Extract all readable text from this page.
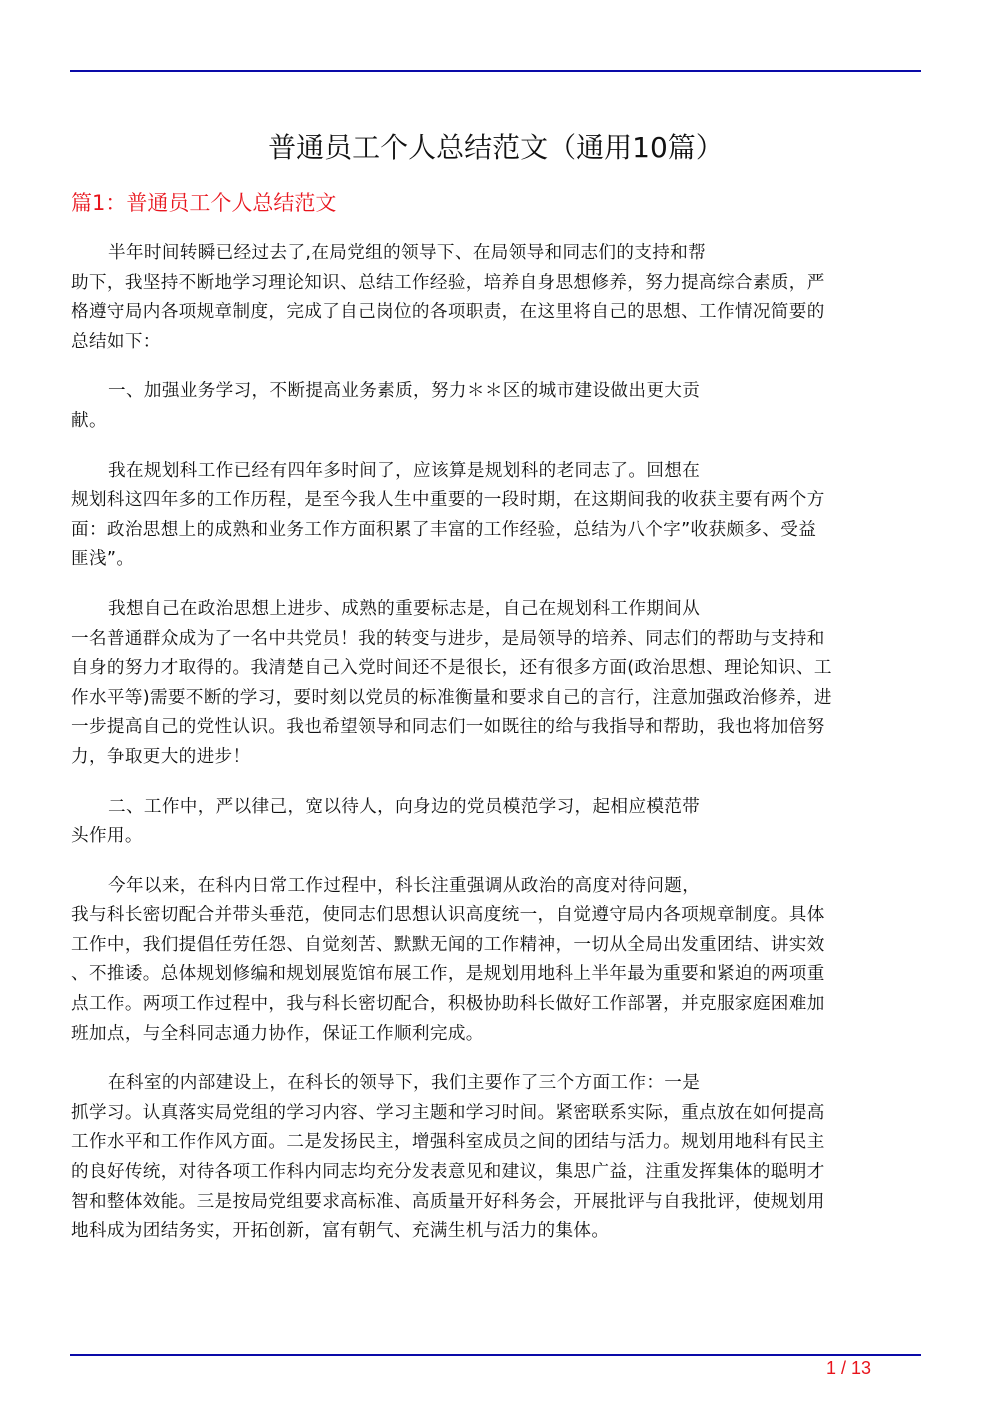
普通员工个人总结范文（通用10篇）
篇1：普通员工个人总结范文
半年时间转瞬已经过去了,在局党组的领导下、在局领导和同志们的支持和帮
助下，我坚持不断地学习理论知识、总结工作经验，培养自身思想修养，努力提高综合素质，严
格遵守局内各项规章制度，完成了自己岗位的各项职责，在这里将自己的思想、工作情况简要的
总结如下：
一、加强业务学习，不断提高业务素质，努力＊＊区的城市建设做出更大贡
献。
我在规划科工作已经有四年多时间了，应该算是规划科的老同志了。回想在
规划科这四年多的工作历程，是至今我人生中重要的一段时期，在这期间我的收获主要有两个方
面：政治思想上的成熟和业务工作方面积累了丰富的工作经验，总结为八个字”收获颇多、受益
匪浅”。
我想自己在政治思想上进步、成熟的重要标志是，自己在规划科工作期间从
一名普通群众成为了一名中共党员！我的转变与进步，是局领导的培养、同志们的帮助与支持和
自身的努力才取得的。我清楚自己入党时间还不是很长，还有很多方面(政治思想、理论知识、工
作水平等)需要不断的学习，要时刻以党员的标准衡量和要求自己的言行，注意加强政治修养，进
一步提高自己的党性认识。我也希望领导和同志们一如既往的给与我指导和帮助，我也将加倍努
力，争取更大的进步！
二、工作中，严以律己，宽以待人，向身边的党员模范学习，起相应模范带
头作用。
今年以来，在科内日常工作过程中，科长注重强调从政治的高度对待问题，
我与科长密切配合并带头垂范，使同志们思想认识高度统一，自觉遵守局内各项规章制度。具体
工作中，我们提倡任劳任怨、自觉刻苦、默默无闻的工作精神，一切从全局出发重团结、讲实效
、不推诿。总体规划修编和规划展览馆布展工作，是规划用地科上半年最为重要和紧迫的两项重
点工作。两项工作过程中，我与科长密切配合，积极协助科长做好工作部署，并克服家庭困难加
班加点，与全科同志通力协作，保证工作顺利完成。
在科室的内部建设上，在科长的领导下，我们主要作了三个方面工作：一是
抓学习。认真落实局党组的学习内容、学习主题和学习时间。紧密联系实际，重点放在如何提高
工作水平和工作作风方面。二是发扬民主，增强科室成员之间的团结与活力。规划用地科有民主
的良好传统，对待各项工作科内同志均充分发表意见和建议，集思广益，注重发挥集体的聪明才
智和整体效能。三是按局党组要求高标准、高质量开好科务会，开展批评与自我批评，使规划用
地科成为团结务实，开拓创新，富有朝气、充满生机与活力的集体。
1 / 13
